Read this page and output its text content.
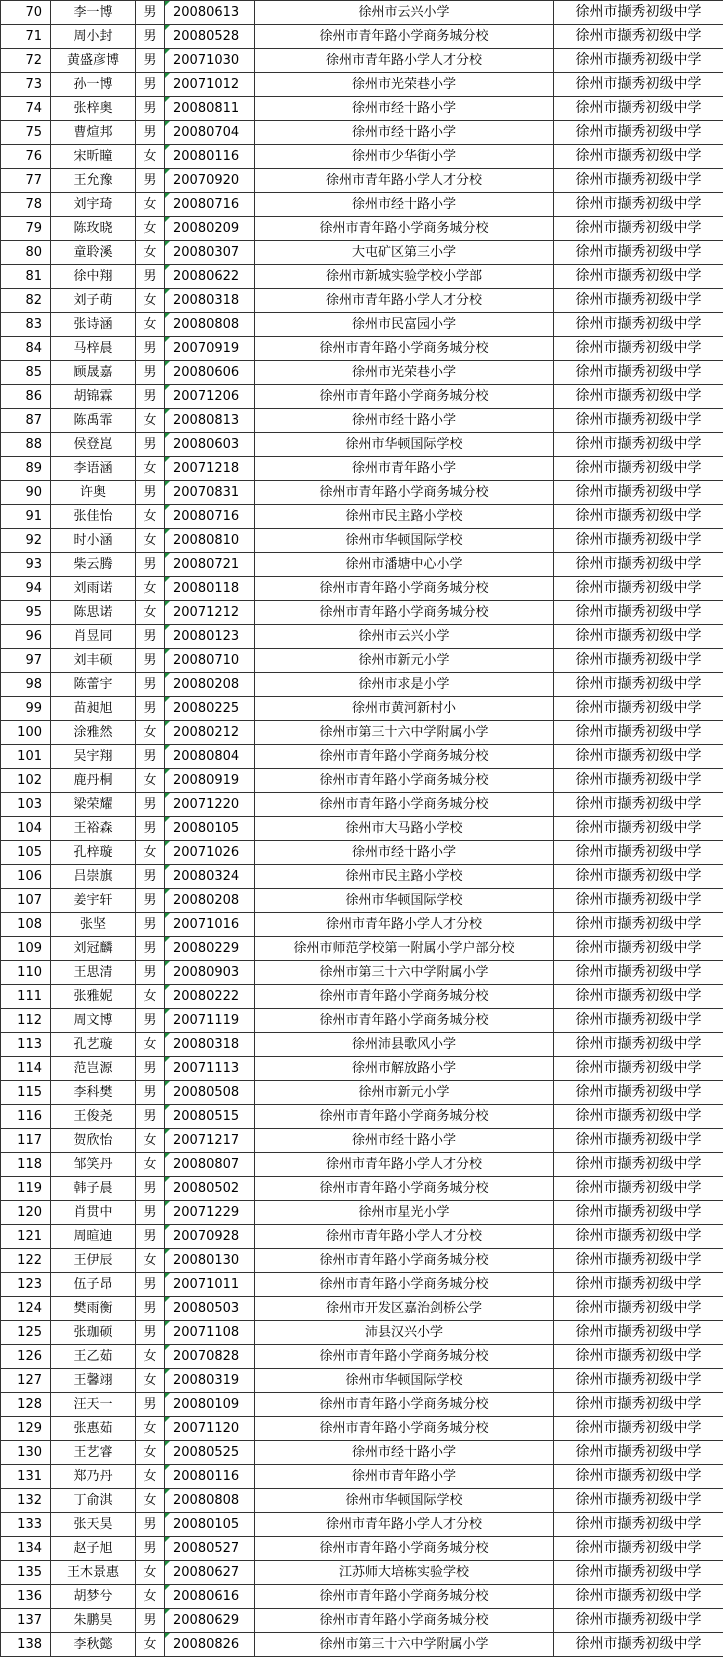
70	李一博	男	20080613	徐州市云兴小学	徐州市撷秀初级中学
71	周小封	男	20080528	徐州市青年路小学商务城分校	徐州市撷秀初级中学
72	黄盛彦博	男	20071030	徐州市青年路小学人才分校	徐州市撷秀初级中学
73	孙一博	男	20071012	徐州市光荣巷小学	徐州市撷秀初级中学
74	张梓奥	男	20080811	徐州市经十路小学	徐州市撷秀初级中学
75	曹煊邦	男	20080704	徐州市经十路小学	徐州市撷秀初级中学
76	宋昕瞳	女	20080116	徐州市少华街小学	徐州市撷秀初级中学
77	王允豫	男	20070920	徐州市青年路小学人才分校	徐州市撷秀初级中学
78	刘宇琦	女	20080716	徐州市经十路小学	徐州市撷秀初级中学
79	陈玫晓	女	20080209	徐州市青年路小学商务城分校	徐州市撷秀初级中学
80	童聆溪	女	20080307	大屯矿区第三小学	徐州市撷秀初级中学
81	徐中翔	男	20080622	徐州市新城实验学校小学部	徐州市撷秀初级中学
82	刘子萌	女	20080318	徐州市青年路小学人才分校	徐州市撷秀初级中学
83	张诗涵	女	20080808	徐州市民富园小学	徐州市撷秀初级中学
84	马梓晨	男	20070919	徐州市青年路小学商务城分校	徐州市撷秀初级中学
85	顾晟嘉	男	20080606	徐州市光荣巷小学	徐州市撷秀初级中学
86	胡锦霖	男	20071206	徐州市青年路小学商务城分校	徐州市撷秀初级中学
87	陈禹霏	女	20080813	徐州市经十路小学	徐州市撷秀初级中学
88	侯登崑	男	20080603	徐州市华顿国际学校	徐州市撷秀初级中学
89	李语涵	女	20071218	徐州市青年路小学	徐州市撷秀初级中学
90	许奥	男	20070831	徐州市青年路小学商务城分校	徐州市撷秀初级中学
91	张佳怡	女	20080716	徐州市民主路小学校	徐州市撷秀初级中学
92	时小涵	女	20080810	徐州市华顿国际学校	徐州市撷秀初级中学
93	柴云腾	男	20080721	徐州市潘塘中心小学	徐州市撷秀初级中学
94	刘雨诺	女	20080118	徐州市青年路小学商务城分校	徐州市撷秀初级中学
95	陈思诺	女	20071212	徐州市青年路小学商务城分校	徐州市撷秀初级中学
96	肖昱同	男	20080123	徐州市云兴小学	徐州市撷秀初级中学
97	刘丰硕	男	20080710	徐州市新元小学	徐州市撷秀初级中学
98	陈蕾宇	男	20080208	徐州市求是小学	徐州市撷秀初级中学
99	苗昶旭	男	20080225	徐州市黄河新村小	徐州市撷秀初级中学
100	涂雅然	女	20080212	徐州市第三十六中学附属小学	徐州市撷秀初级中学
101	吴宇翔	男	20080804	徐州市青年路小学商务城分校	徐州市撷秀初级中学
102	鹿丹桐	女	20080919	徐州市青年路小学商务城分校	徐州市撷秀初级中学
103	梁荣耀	男	20071220	徐州市青年路小学商务城分校	徐州市撷秀初级中学
104	王裕森	男	20080105	徐州市大马路小学校	徐州市撷秀初级中学
105	孔梓璇	女	20071026	徐州市经十路小学	徐州市撷秀初级中学
106	吕崇旗	男	20080324	徐州市民主路小学校	徐州市撷秀初级中学
107	姜宇轩	男	20080208	徐州市华顿国际学校	徐州市撷秀初级中学
108	张坚	男	20071016	徐州市青年路小学人才分校	徐州市撷秀初级中学
109	刘冠麟	男	20080229	徐州市师范学校第一附属小学户部分校	徐州市撷秀初级中学
110	王思清	男	20080903	徐州市第三十六中学附属小学	徐州市撷秀初级中学
111	张雅妮	女	20080222	徐州市青年路小学商务城分校	徐州市撷秀初级中学
112	周文博	男	20071119	徐州市青年路小学商务城分校	徐州市撷秀初级中学
113	孔艺璇	女	20080318	徐州沛县歌风小学	徐州市撷秀初级中学
114	范岂源	男	20071113	徐州市解放路小学	徐州市撷秀初级中学
115	李科樊	男	20080508	徐州市新元小学	徐州市撷秀初级中学
116	王俊尧	男	20080515	徐州市青年路小学商务城分校	徐州市撷秀初级中学
117	贺欣怡	女	20071217	徐州市经十路小学	徐州市撷秀初级中学
118	邹笑丹	女	20080807	徐州市青年路小学人才分校	徐州市撷秀初级中学
119	韩子晨	男	20080502	徐州市青年路小学商务城分校	徐州市撷秀初级中学
120	肖贯中	男	20071229	徐州市星光小学	徐州市撷秀初级中学
121	周暄迪	男	20070928	徐州市青年路小学人才分校	徐州市撷秀初级中学
122	王伊辰	女	20080130	徐州市青年路小学商务城分校	徐州市撷秀初级中学
123	伍子昂	男	20071011	徐州市青年路小学商务城分校	徐州市撷秀初级中学
124	樊雨衡	男	20080503	徐州市开发区嘉治剑桥公学	徐州市撷秀初级中学
125	张珈硕	男	20071108	沛县汉兴小学	徐州市撷秀初级中学
126	王乙茹	女	20070828	徐州市青年路小学商务城分校	徐州市撷秀初级中学
127	王馨翊	女	20080319	徐州市华顿国际学校	徐州市撷秀初级中学
128	汪天一	男	20080109	徐州市青年路小学商务城分校	徐州市撷秀初级中学
129	张惠茹	女	20071120	徐州市青年路小学商务城分校	徐州市撷秀初级中学
130	王艺睿	女	20080525	徐州市经十路小学	徐州市撷秀初级中学
131	郑乃丹	女	20080116	徐州市青年路小学	徐州市撷秀初级中学
132	丁俞淇	女	20080808	徐州市华顿国际学校	徐州市撷秀初级中学
133	张天昊	男	20080105	徐州市青年路小学人才分校	徐州市撷秀初级中学
134	赵子旭	男	20080527	徐州市青年路小学商务城分校	徐州市撷秀初级中学
135	王木景惠	女	20080627	江苏师大培栋实验学校	徐州市撷秀初级中学
136	胡梦兮	女	20080616	徐州市青年路小学商务城分校	徐州市撷秀初级中学
137	朱鹏昊	男	20080629	徐州市青年路小学商务城分校	徐州市撷秀初级中学
138	李秋懿	女	20080826	徐州市第三十六中学附属小学	徐州市撷秀初级中学
